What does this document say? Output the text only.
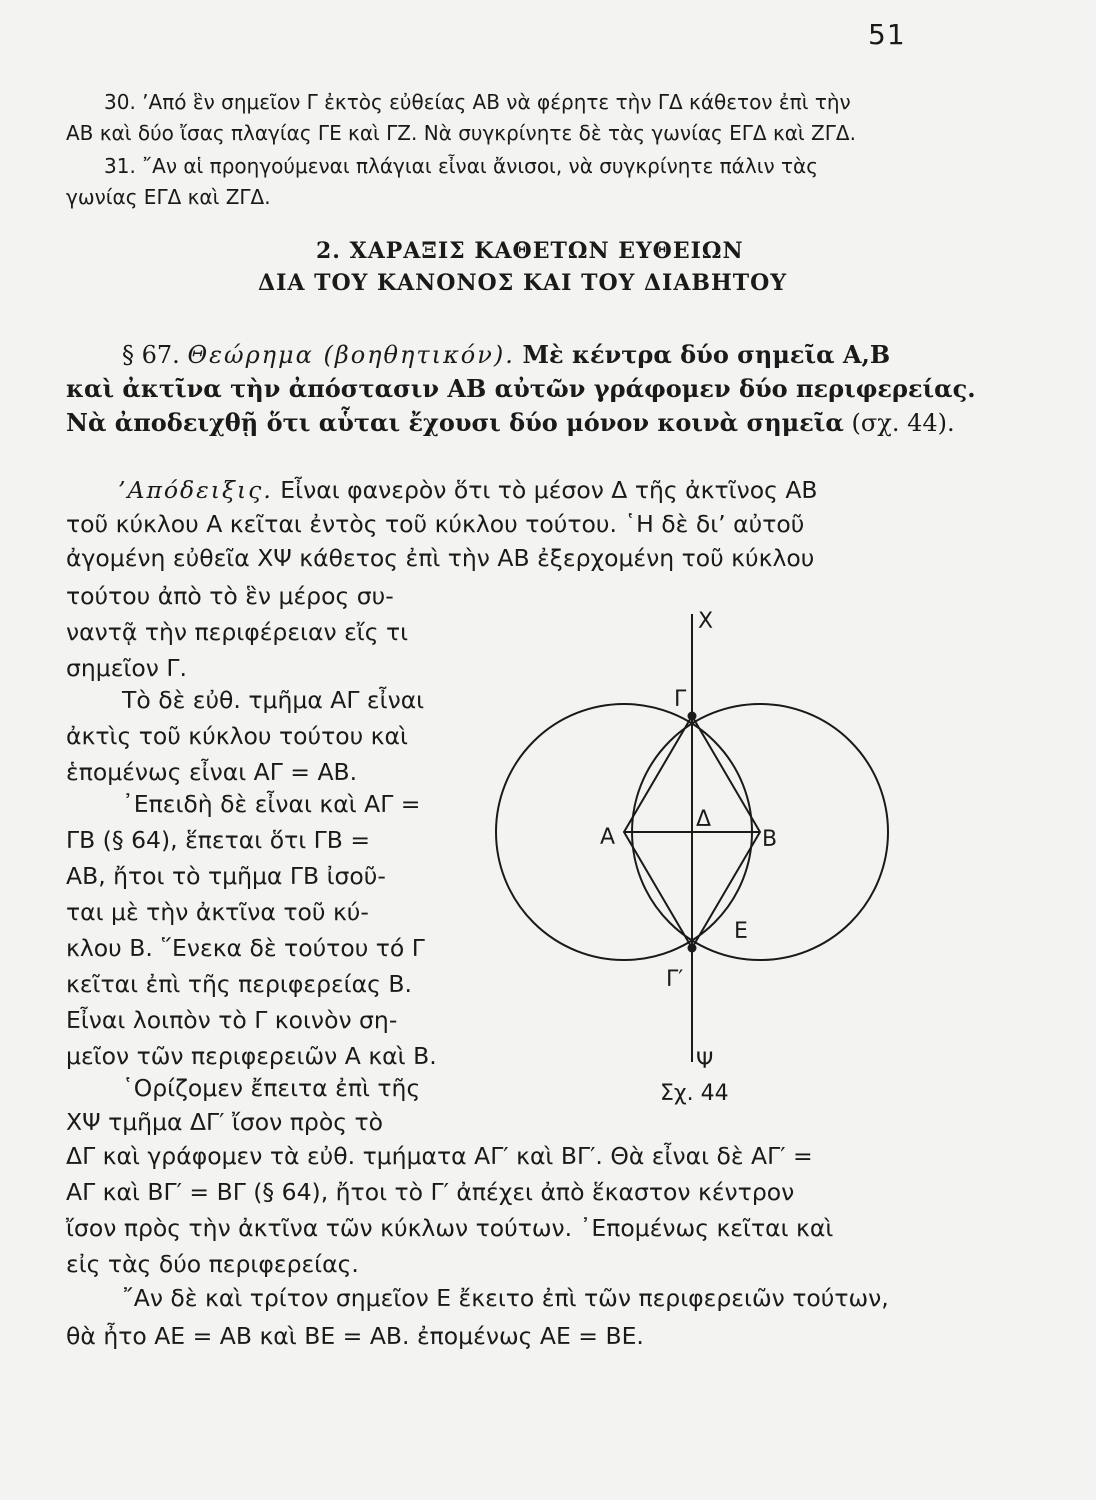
51
30. ’Από ἓν σημεῖον Γ ἐκτὸς εὐθείας ΑΒ νὰ φέρητε τὴν ΓΔ κάθετον ἐπὶ τὴν
ΑΒ καὶ δύο ἴσας πλαγίας ΓΕ καὶ ΓΖ. Νὰ συγκρίνητε δὲ τὰς γωνίας ΕΓΔ καὶ ΖΓΔ.
31. ῎Αν αἱ προηγούμεναι πλάγιαι εἶναι ἄνισοι, νὰ συγκρίνητε πάλιν τὰς
γωνίας ΕΓΔ καὶ ΖΓΔ.
2. ΧΑΡΑΞΙΣ ΚΑΘΕΤΩΝ ΕΥΘΕΙΩΝ
ΔΙΑ ΤΟΥ ΚΑΝΟΝΟΣ ΚΑΙ ΤΟΥ ΔΙΑΒΗΤΟΥ
§ 67. Θεώρημα (βοηθητικόν). Μὲ κέντρα δύο σημεῖα Α,Β
καὶ ἀκτῖνα τὴν ἀπόστασιν ΑΒ αὐτῶν γράφομεν δύο περιφερείας.
Νὰ ἀποδειχθῇ ὅτι αὗται ἔχουσι δύο μόνον κοινὰ σημεῖα (σχ. 44).
’Απόδειξις. Εἶναι φανερὸν ὅτι τὸ μέσον Δ τῆς ἀκτῖνος ΑΒ
τοῦ κύκλου Α κεῖται ἐντὸς τοῦ κύκλου τούτου. ῾Η δὲ δι’ αὐτοῦ
ἀγομένη εὐθεῖα ΧΨ κάθετος ἐπὶ τὴν ΑΒ ἐξερχομένη τοῦ κύκλου
τούτου ἀπὸ τὸ ἓν μέρος συ-
ναντᾷ τὴν περιφέρειαν εἴς τι
σημεῖον Γ.
Τὸ δὲ εὐθ. τμῆμα ΑΓ εἶναι
ἀκτὶς τοῦ κύκλου τούτου καὶ
ἑπομένως εἶναι ΑΓ = ΑΒ.
᾿Επειδὴ δὲ εἶναι καὶ ΑΓ =
ΓΒ (§ 64), ἕπεται ὅτι ΓΒ =
ΑΒ, ἤτοι τὸ τμῆμα ΓΒ ἰσοῦ-
ται μὲ τὴν ἀκτῖνα τοῦ κύ-
κλου Β. ῞Ενεκα δὲ τούτου τό Γ
κεῖται ἐπὶ τῆς περιφερείας Β.
Εἶναι λοιπὸν τὸ Γ κοινὸν ση-
μεῖον τῶν περιφερειῶν Α καὶ Β.
῾Ορίζομεν ἔπειτα ἐπὶ τῆς
ΧΨ τμῆμα ΔΓ′ ἴσον πρὸς τὸ
ΔΓ καὶ γράφομεν τὰ εὐθ. τμήματα ΑΓ′ καὶ ΒΓ′. Θὰ εἶναι δὲ ΑΓ′ =
ΑΓ καὶ ΒΓ′ = ΒΓ (§ 64), ἤτοι τὸ Γ′ ἀπέχει ἀπὸ ἕκαστον κέντρον
ἴσον πρὸς τὴν ἀκτῖνα τῶν κύκλων τούτων. ᾿Επομένως κεῖται καὶ
εἰς τὰς δύο περιφερείας.
῎Αν δὲ καὶ τρίτον σημεῖον Ε ἔκειτο ἐπὶ τῶν περιφερειῶν τούτων,
θὰ ἦτο ΑΕ = ΑΒ καὶ ΒΕ = ΑΒ. ἐπομένως ΑΕ = ΒΕ.
Χ
Γ
Α
Δ
Β
Ε
Γ′
Ψ
Σχ. 44
